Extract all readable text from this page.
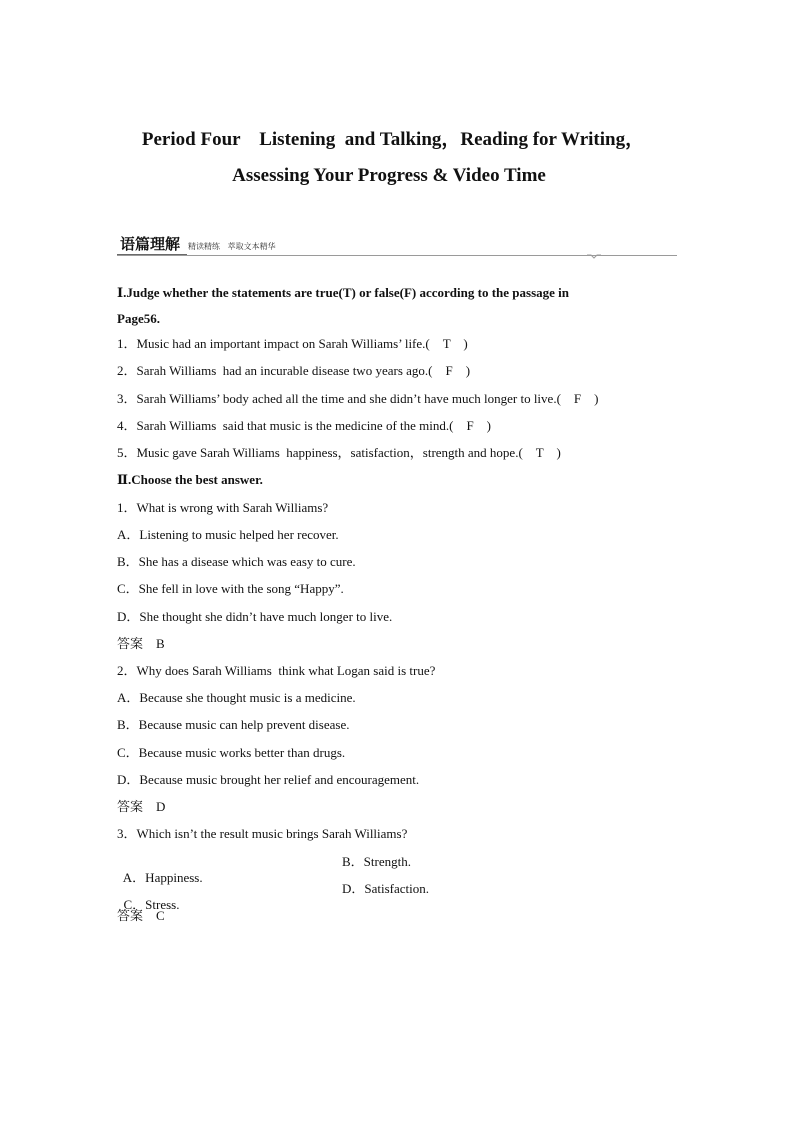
Period Four    Listening  and Talking，Reading for Writing，
Assessing Your Progress & Video Time
语篇理解 精读精练   萃取文本精华
Ⅰ.Judge whether the statements are true(T) or false(F) according to the passage in
Page56.
1．Music had an important impact on Sarah Williams’ life.(　T　)
2．Sarah Williams  had an incurable disease two years ago.(　F　)
3．Sarah Williams’ body ached all the time and she didn’t have much longer to live.(　F　)
4．Sarah Williams  said that music is the medicine of the mind.(　F　)
5．Music gave Sarah Williams  happiness，satisfaction，strength and hope.(　T　)
Ⅱ.Choose the best answer.
1．What is wrong with Sarah Williams?
A．Listening to music helped her recover.
B．She has a disease which was easy to cure.
C．She fell in love with the song “Happy”.
D．She thought she didn’t have much longer to live.
答案　B
2．Why does Sarah Williams  think what Logan said is true?
A．Because she thought music is a medicine.
B．Because music can help prevent disease.
C．Because music works better than drugs.
D．Because music brought her relief and encouragement.
答案　D
3．Which isn’t the result music brings Sarah Williams?

A．Happiness.

B．Strength.

C．Stress.

D．Satisfaction.

答案　C
